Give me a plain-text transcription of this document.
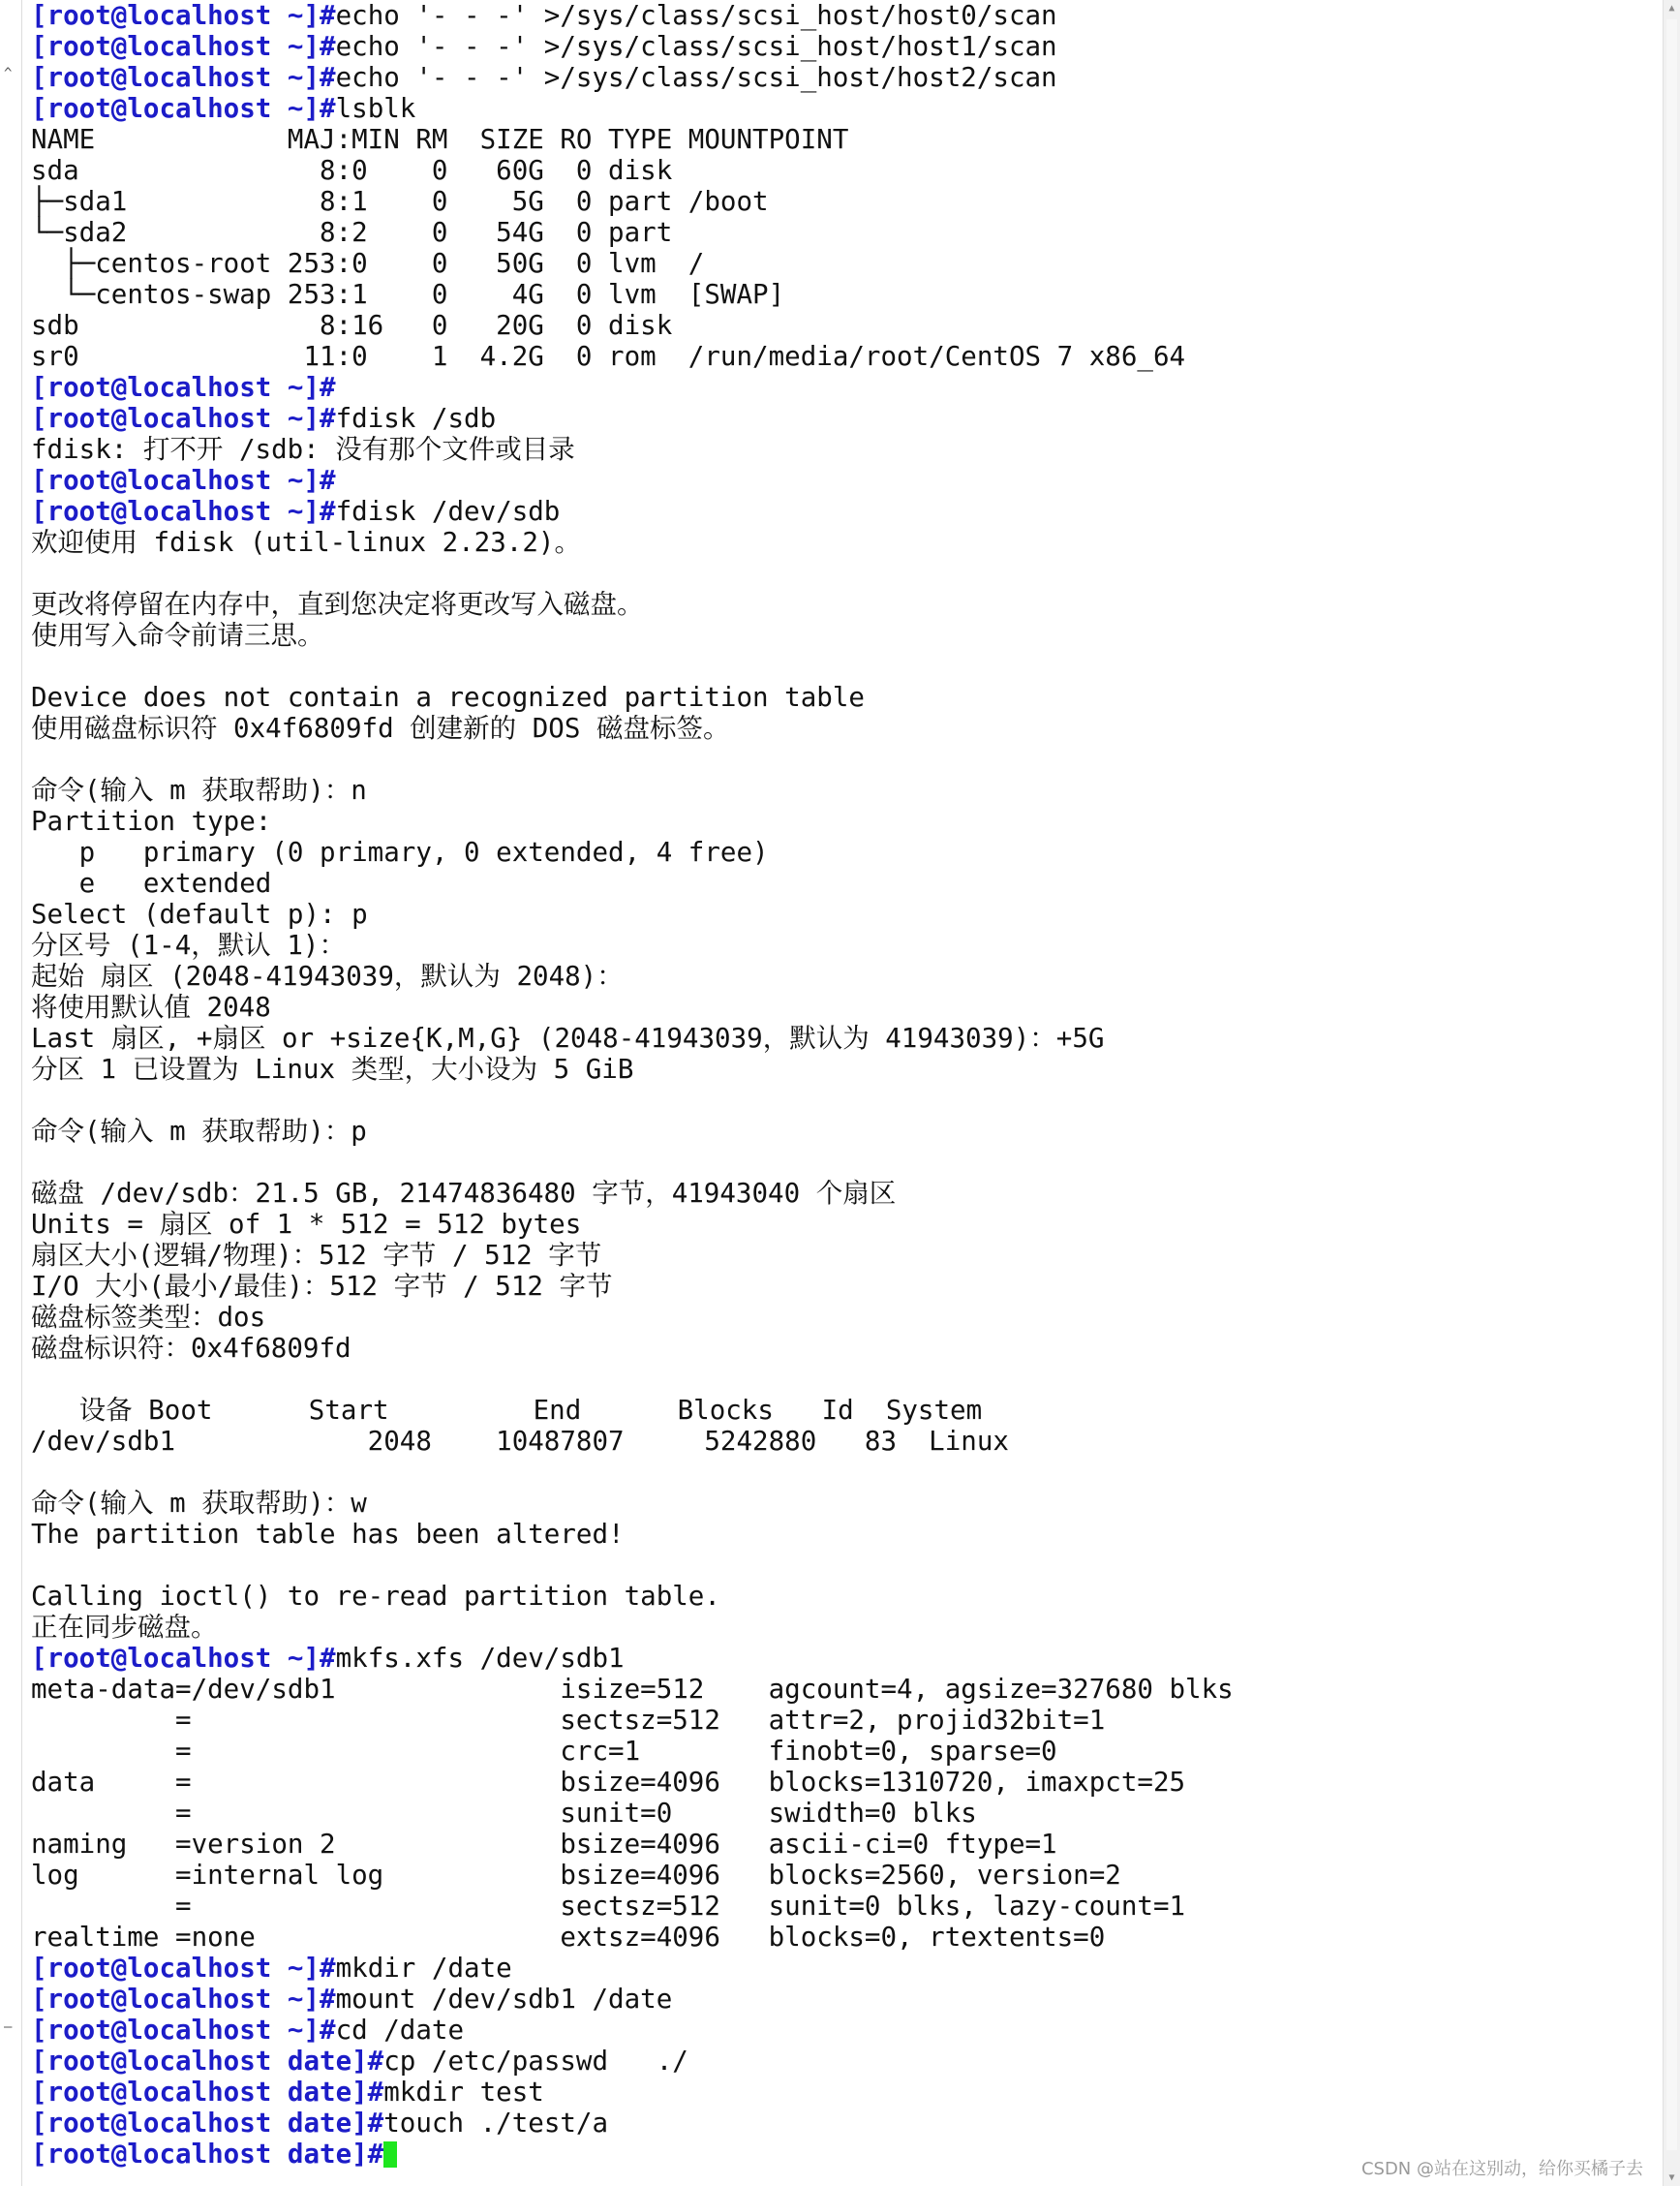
^
–
[root@localhost ~]#echo '- - -' >/sys/class/scsi_host/host0/scan
[root@localhost ~]#echo '- - -' >/sys/class/scsi_host/host1/scan
[root@localhost ~]#echo '- - -' >/sys/class/scsi_host/host2/scan
[root@localhost ~]#lsblk
NAME            MAJ:MIN RM  SIZE RO TYPE MOUNTPOINT
sda               8:0    0   60G  0 disk
├─sda1            8:1    0    5G  0 part /boot
└─sda2            8:2    0   54G  0 part
├─centos-root 253:0    0   50G  0 lvm  /
└─centos-swap 253:1    0    4G  0 lvm  [SWAP]
sdb               8:16   0   20G  0 disk
sr0              11:0    1  4.2G  0 rom  /run/media/root/CentOS 7 x86_64
[root@localhost ~]#
[root@localhost ~]#fdisk /sdb
fdisk: 打不开 /sdb: 没有那个文件或目录
[root@localhost ~]#
[root@localhost ~]#fdisk /dev/sdb
欢迎使用 fdisk (util-linux 2.23.2)。
更改将停留在内存中，直到您决定将更改写入磁盘。
使用写入命令前请三思。
Device does not contain a recognized partition table
使用磁盘标识符 0x4f6809fd 创建新的 DOS 磁盘标签。
命令(输入 m 获取帮助)：n
Partition type:
p   primary (0 primary, 0 extended, 4 free)
e   extended
Select (default p): p
分区号 (1-4，默认 1)：
起始 扇区 (2048-41943039，默认为 2048)：
将使用默认值 2048
Last 扇区, +扇区 or +size{K,M,G} (2048-41943039，默认为 41943039)：+5G
分区 1 已设置为 Linux 类型，大小设为 5 GiB
命令(输入 m 获取帮助)：p
磁盘 /dev/sdb：21.5 GB, 21474836480 字节，41943040 个扇区
Units = 扇区 of 1 * 512 = 512 bytes
扇区大小(逻辑/物理)：512 字节 / 512 字节
I/O 大小(最小/最佳)：512 字节 / 512 字节
磁盘标签类型：dos
磁盘标识符：0x4f6809fd
设备 Boot      Start         End      Blocks   Id  System
/dev/sdb1            2048    10487807     5242880   83  Linux
命令(输入 m 获取帮助)：w
The partition table has been altered!
Calling ioctl() to re-read partition table.
正在同步磁盘。
[root@localhost ~]#mkfs.xfs /dev/sdb1
meta-data=/dev/sdb1              isize=512    agcount=4, agsize=327680 blks
=                       sectsz=512   attr=2, projid32bit=1
=                       crc=1        finobt=0, sparse=0
data     =                       bsize=4096   blocks=1310720, imaxpct=25
=                       sunit=0      swidth=0 blks
naming   =version 2              bsize=4096   ascii-ci=0 ftype=1
log      =internal log           bsize=4096   blocks=2560, version=2
=                       sectsz=512   sunit=0 blks, lazy-count=1
realtime =none                   extsz=4096   blocks=0, rtextents=0
[root@localhost ~]#mkdir /date
[root@localhost ~]#mount /dev/sdb1 /date
[root@localhost ~]#cd /date
[root@localhost date]#cp /etc/passwd   ./
[root@localhost date]#mkdir test
[root@localhost date]#touch ./test/a
[root@localhost date]#
▲
▼
CSDN @站在这别动，给你买橘子去
